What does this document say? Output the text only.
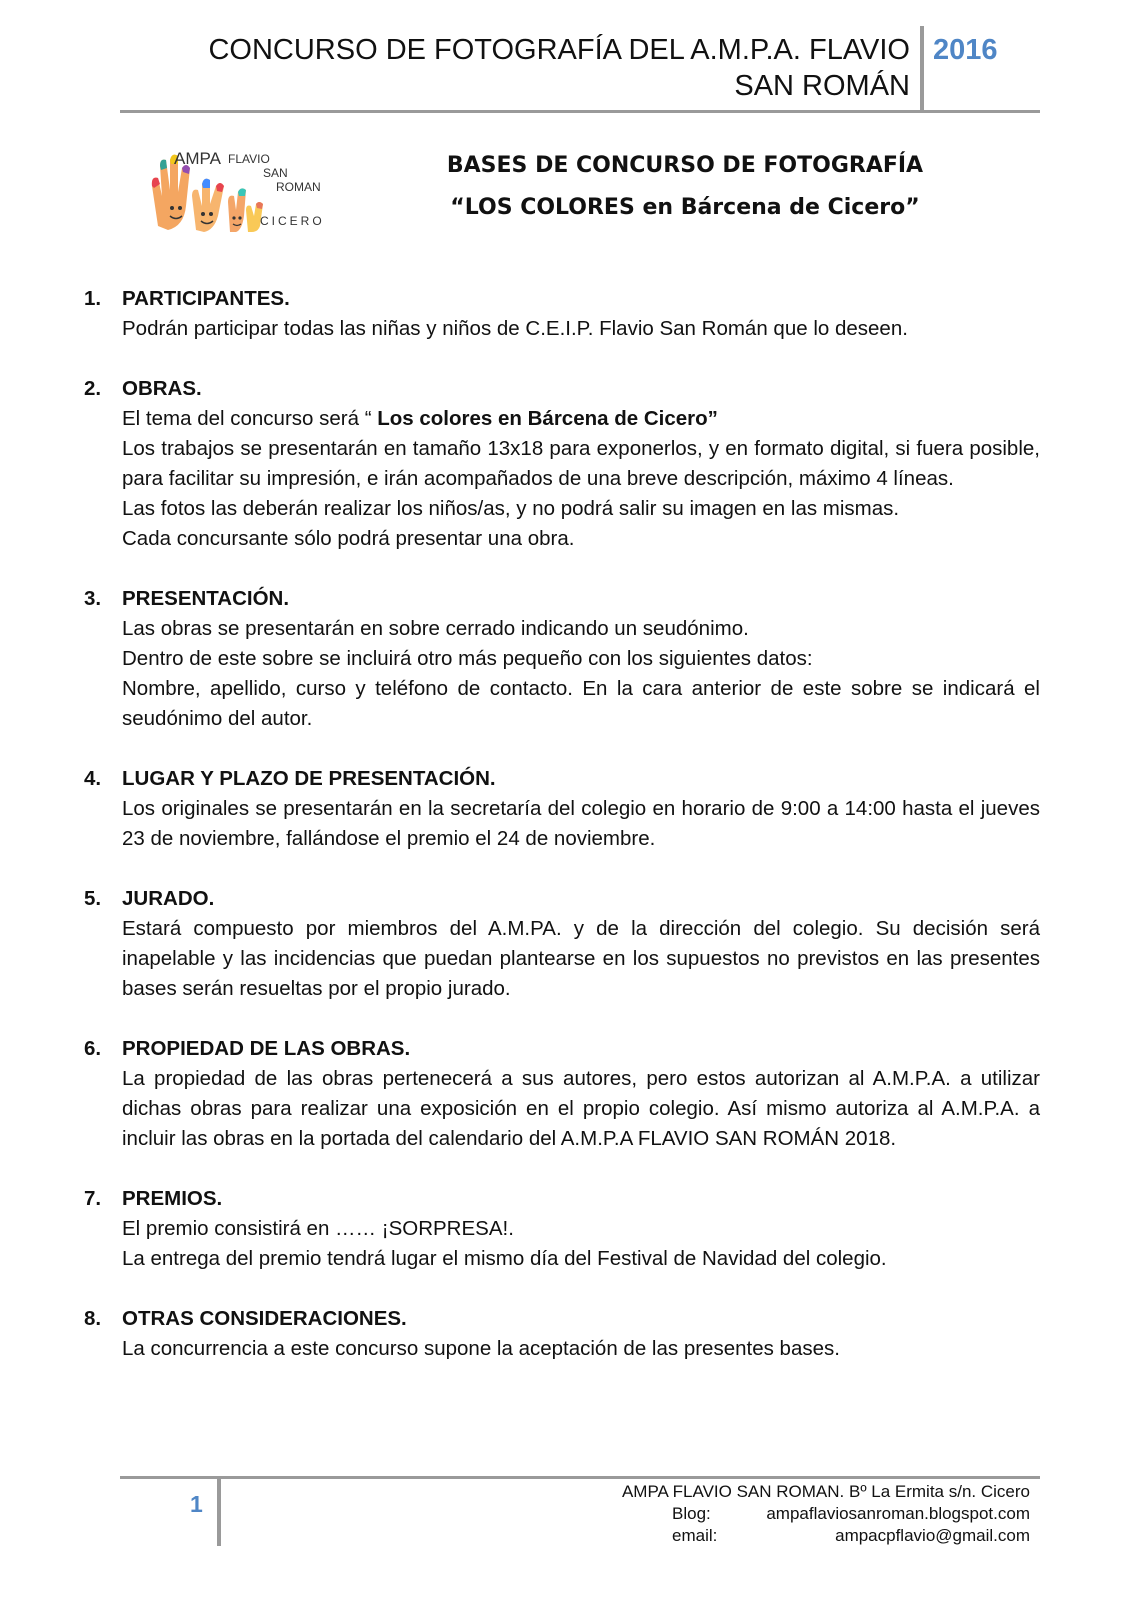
CONCURSO DE FOTOGRAFÍA DEL A.M.P.A. FLAVIO
SAN ROMÁN
2016
AMPA FLAVIO
SAN
ROMAN
CICERO
BASES DE CONCURSO DE FOTOGRAFÍA
“LOS COLORES en Bárcena de Cicero”
1.	PARTICIPANTES.

Podrán participar todas las niñas y niños de C.E.I.P. Flavio San Román que lo deseen.

2.	OBRAS.

El tema del concurso será “ Los colores en Bárcena de Cicero”

Los trabajos se presentarán en tamaño 13x18 para exponerlos, y en formato digital, si fuera posible, para facilitar su impresión, e irán acompañados de una breve descripción, máximo 4 líneas.

Las fotos las deberán realizar los niños/as, y no podrá salir su imagen en las mismas.

Cada concursante sólo podrá presentar una obra.

3.	PRESENTACIÓN.

Las obras se presentarán en sobre cerrado indicando un seudónimo.

Dentro de este sobre se incluirá otro más pequeño con los siguientes datos:

Nombre, apellido, curso y teléfono de contacto. En la cara anterior de este sobre se indicará el seudónimo del autor.

4.	LUGAR Y PLAZO DE PRESENTACIÓN.

Los originales se presentarán en la secretaría del colegio en horario de 9:00 a 14:00 hasta el jueves 23 de noviembre, fallándose el premio el 24 de noviembre.

5.	JURADO.

Estará compuesto por miembros del A.M.PA. y de la dirección del colegio. Su decisión será inapelable y las incidencias que puedan plantearse en los supuestos no previstos en las presentes bases serán resueltas por el propio jurado.

6.	PROPIEDAD DE LAS OBRAS.

La propiedad de las obras pertenecerá a sus autores, pero estos autorizan al A.M.P.A. a utilizar dichas obras para realizar una exposición en el propio colegio. Así mismo autoriza al A.M.P.A. a incluir las obras en la portada del calendario del A.M.P.A FLAVIO SAN ROMÁN 2018.

7.	PREMIOS.

El premio consistirá en …… ¡SORPRESA!.

La entrega del premio tendrá lugar el mismo día del Festival de Navidad del colegio.

8.	OTRAS CONSIDERACIONES.

La concurrencia a este concurso supone la aceptación de las presentes bases.

1	AMPA FLAVIO SAN ROMAN. Bº La Ermita s/n. Cicero
Blog:	ampaflaviosanroman.blogspot.com
email:	ampacpflavio@gmail.com
